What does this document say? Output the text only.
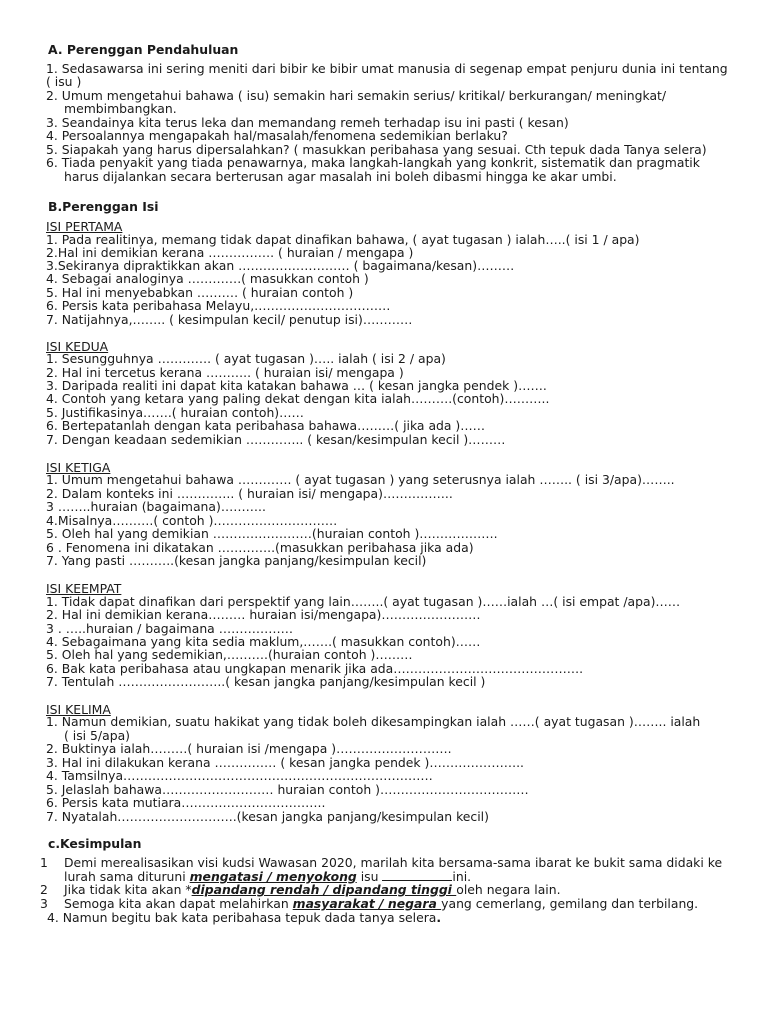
A. Perenggan Pendahuluan
1. Sedasawarsa ini sering meniti dari bibir ke bibir umat manusia di segenap empat penjuru dunia ini tentang
( isu )
2. Umum mengetahui bahawa ( isu) semakin hari semakin serius/ kritikal/ berkurangan/ meningkat/
membimbangkan.
3. Seandainya kita terus leka dan memandang remeh terhadap isu ini pasti ( kesan)
4. Persoalannya mengapakah hal/masalah/fenomena sedemikian berlaku?
5. Siapakah yang harus dipersalahkan? ( masukkan peribahasa yang sesuai. Cth tepuk dada Tanya selera)
6. Tiada penyakit yang tiada penawarnya, maka langkah-langkah yang konkrit, sistematik dan pragmatik
harus dijalankan secara berterusan agar masalah ini boleh dibasmi hingga ke akar umbi.
B.Perenggan Isi
ISI PERTAMA
1. Pada realitinya, memang tidak dapat dinafikan bahawa, ( ayat tugasan ) ialah…..( isi 1 / apa)
2.Hal ini demikian kerana ……………. ( huraian / mengapa )
3.Sekiranya dipraktikkan akan ……………………… ( bagaimana/kesan)………
4. Sebagai analoginya ………….( masukkan contoh )
5. Hal ini menyebabkan ………. ( huraian contoh )
6. Persis kata peribahasa Melayu,……………………………
7. Natijahnya,…….. ( kesimpulan kecil/ penutup isi)…………
ISI KEDUA
1. Sesungguhnya …………. ( ayat tugasan )….. ialah ( isi 2 / apa)
2. Hal ini tercetus kerana ……….. ( huraian isi/ mengapa )
3. Daripada realiti ini dapat kita katakan bahawa … ( kesan jangka pendek )…….
4. Contoh yang ketara yang paling dekat dengan kita ialah……….(contoh)………..
5. Justifikasinya…….( huraian contoh)……
6. Bertepatanlah dengan kata peribahasa bahawa………( jika ada )……
7. Dengan keadaan sedemikian ………….. ( kesan/kesimpulan kecil )………
ISI KETIGA
1. Umum mengetahui bahawa …………. ( ayat tugasan ) yang seterusnya ialah …….. ( isi 3/apa)……..
2. Dalam konteks ini ………….. ( huraian isi/ mengapa)……………..
3 ……..huraian (bagaimana)………..
4.Misalnya……….( contoh )…………………………
5. Oleh hal yang demikian ……………………(huraian contoh )……………….
6 . Fenomena ini dikatakan …………..(masukkan peribahasa jika ada)
7. Yang pasti ………..(kesan jangka panjang/kesimpulan kecil)
ISI KEEMPAT
1. Tidak dapat dinafikan dari perspektif yang lain……..( ayat tugasan )……ialah …( isi empat /apa)……
2. Hal ini demikian kerana……… huraian isi/mengapa)……………………
3 . …..huraian / bagaimana ………………
4. Sebagaimana yang kita sedia maklum,…….( masukkan contoh)……
5. Oleh hal yang sedemikian,……….(huraian contoh )………
6. Bak kata peribahasa atau ungkapan menarik jika ada……………………………………….
7. Tentulah ……………………..( kesan jangka panjang/kesimpulan kecil )
ISI KELIMA
1. Namun demikian, suatu hakikat yang tidak boleh dikesampingkan ialah ……( ayat tugasan )…….. ialah
( isi 5/apa)
2. Buktinya ialah………( huraian isi /mengapa )……………………….
3. Hal ini dilakukan kerana …………… ( kesan jangka pendek )…………………..
4. Tamsilnya…………………………………………………………………
5. Jelaslah bahawa……………………… huraian contoh )………………………………
6. Persis kata mutiara……………………………..
7. Nyatalah………………………..(kesan jangka panjang/kesimpulan kecil)
c.Kesimpulan
1 Demi merealisasikan visi kudsi Wawasan 2020, marilah kita bersama-sama ibarat ke bukit sama didaki ke
lurah sama dituruni mengatasi / menyokong isu	ini.
2 Jika tidak kita akan *dipandang rendah / dipandang tinggi oleh negara lain.
3 Semoga kita akan dapat melahirkan masyarakat / negara yang cemerlang, gemilang dan terbilang.
4. Namun begitu bak kata peribahasa tepuk dada tanya selera.
